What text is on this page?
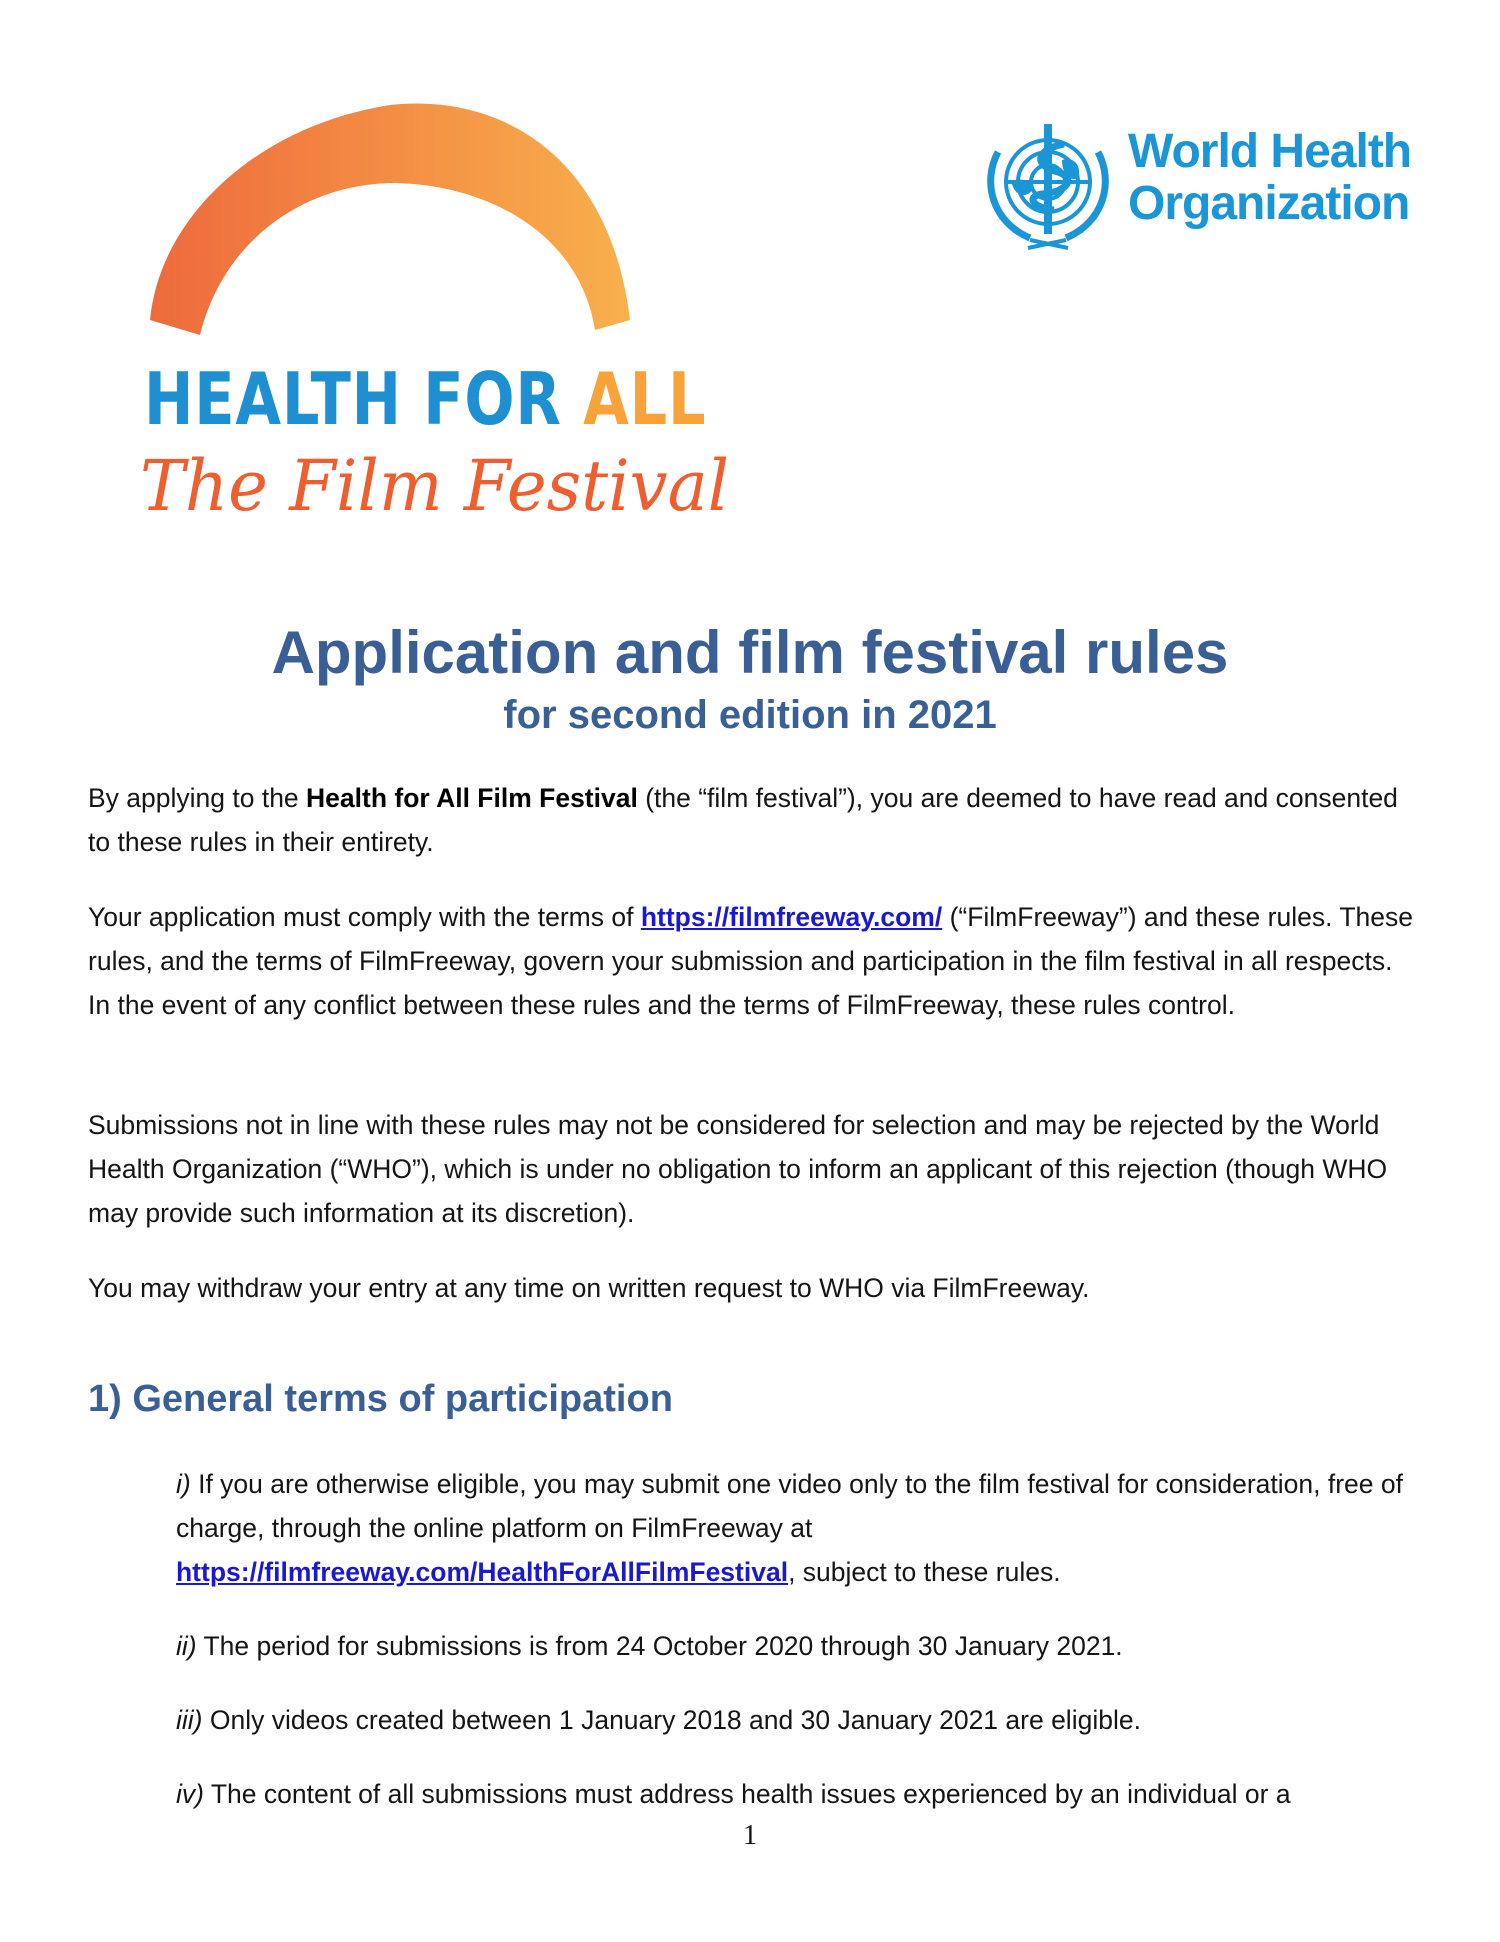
HEALTH FOR ALL
The Film Festival
World Health
Organization
Application and film festival rules
for second edition in 2021
By applying to the Health for All Film Festival (the “film festival”), you are deemed to have read and consented to these rules in their entirety.
Your application must comply with the terms of https://filmfreeway.com/ (“FilmFreeway”) and these rules. These rules, and the terms of FilmFreeway, govern your submission and participation in the film festival in all respects. In the event of any conflict between these rules and the terms of FilmFreeway, these rules control.
Submissions not in line with these rules may not be considered for selection and may be rejected by the World Health Organization (“WHO”), which is under no obligation to inform an applicant of this rejection (though WHO may provide such information at its discretion).
You may withdraw your entry at any time on written request to WHO via FilmFreeway.
1) General terms of participation
i) If you are otherwise eligible, you may submit one video only to the film festival for consideration, free of charge, through the online platform on FilmFreeway at https://filmfreeway.com/HealthForAllFilmFestival, subject to these rules.
ii) The period for submissions is from 24 October 2020 through 30 January 2021.
iii) Only videos created between 1 January 2018 and 30 January 2021 are eligible.
iv) The content of all submissions must address health issues experienced by an individual or a
1
